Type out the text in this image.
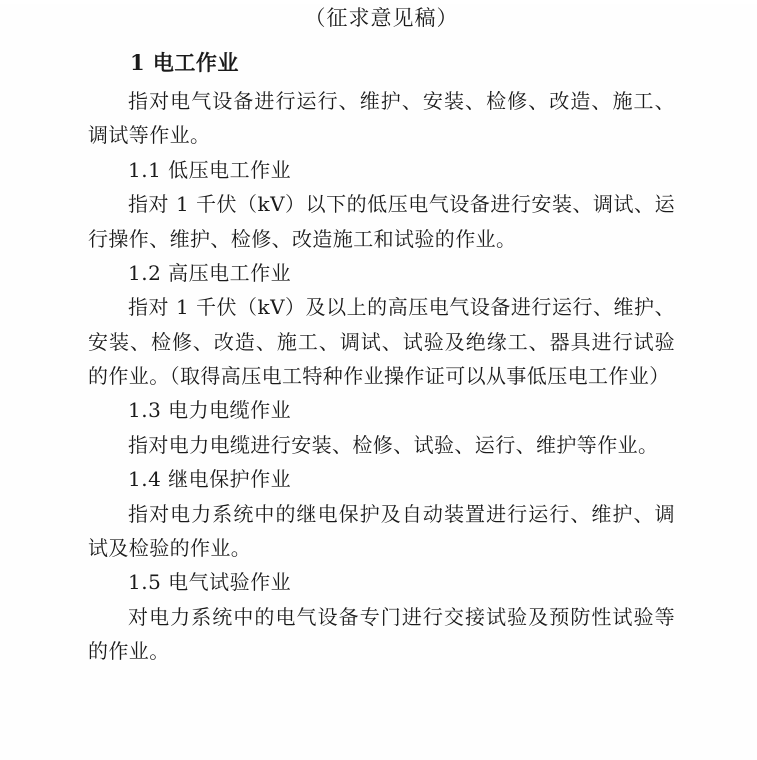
（征求意见稿）
1 电工作业

指对电气设备进行运行、维护、安装、检修、改造、施工、调试等作业。

1.1 低压电工作业

指对 1 千伏（kV）以下的低压电气设备进行安装、调试、运行操作、维护、检修、改造施工和试验的作业。

1.2 高压电工作业

指对 1 千伏（kV）及以上的高压电气设备进行运行、维护、安装、检修、改造、施工、调试、试验及绝缘工、器具进行试验的作业。（取得高压电工特种作业操作证可以从事低压电工作业）

1.3 电力电缆作业

指对电力电缆进行安装、检修、试验、运行、维护等作业。

1.4 继电保护作业

指对电力系统中的继电保护及自动装置进行运行、维护、调试及检验的作业。

1.5 电气试验作业

对电力系统中的电气设备专门进行交接试验及预防性试验等的作业。
